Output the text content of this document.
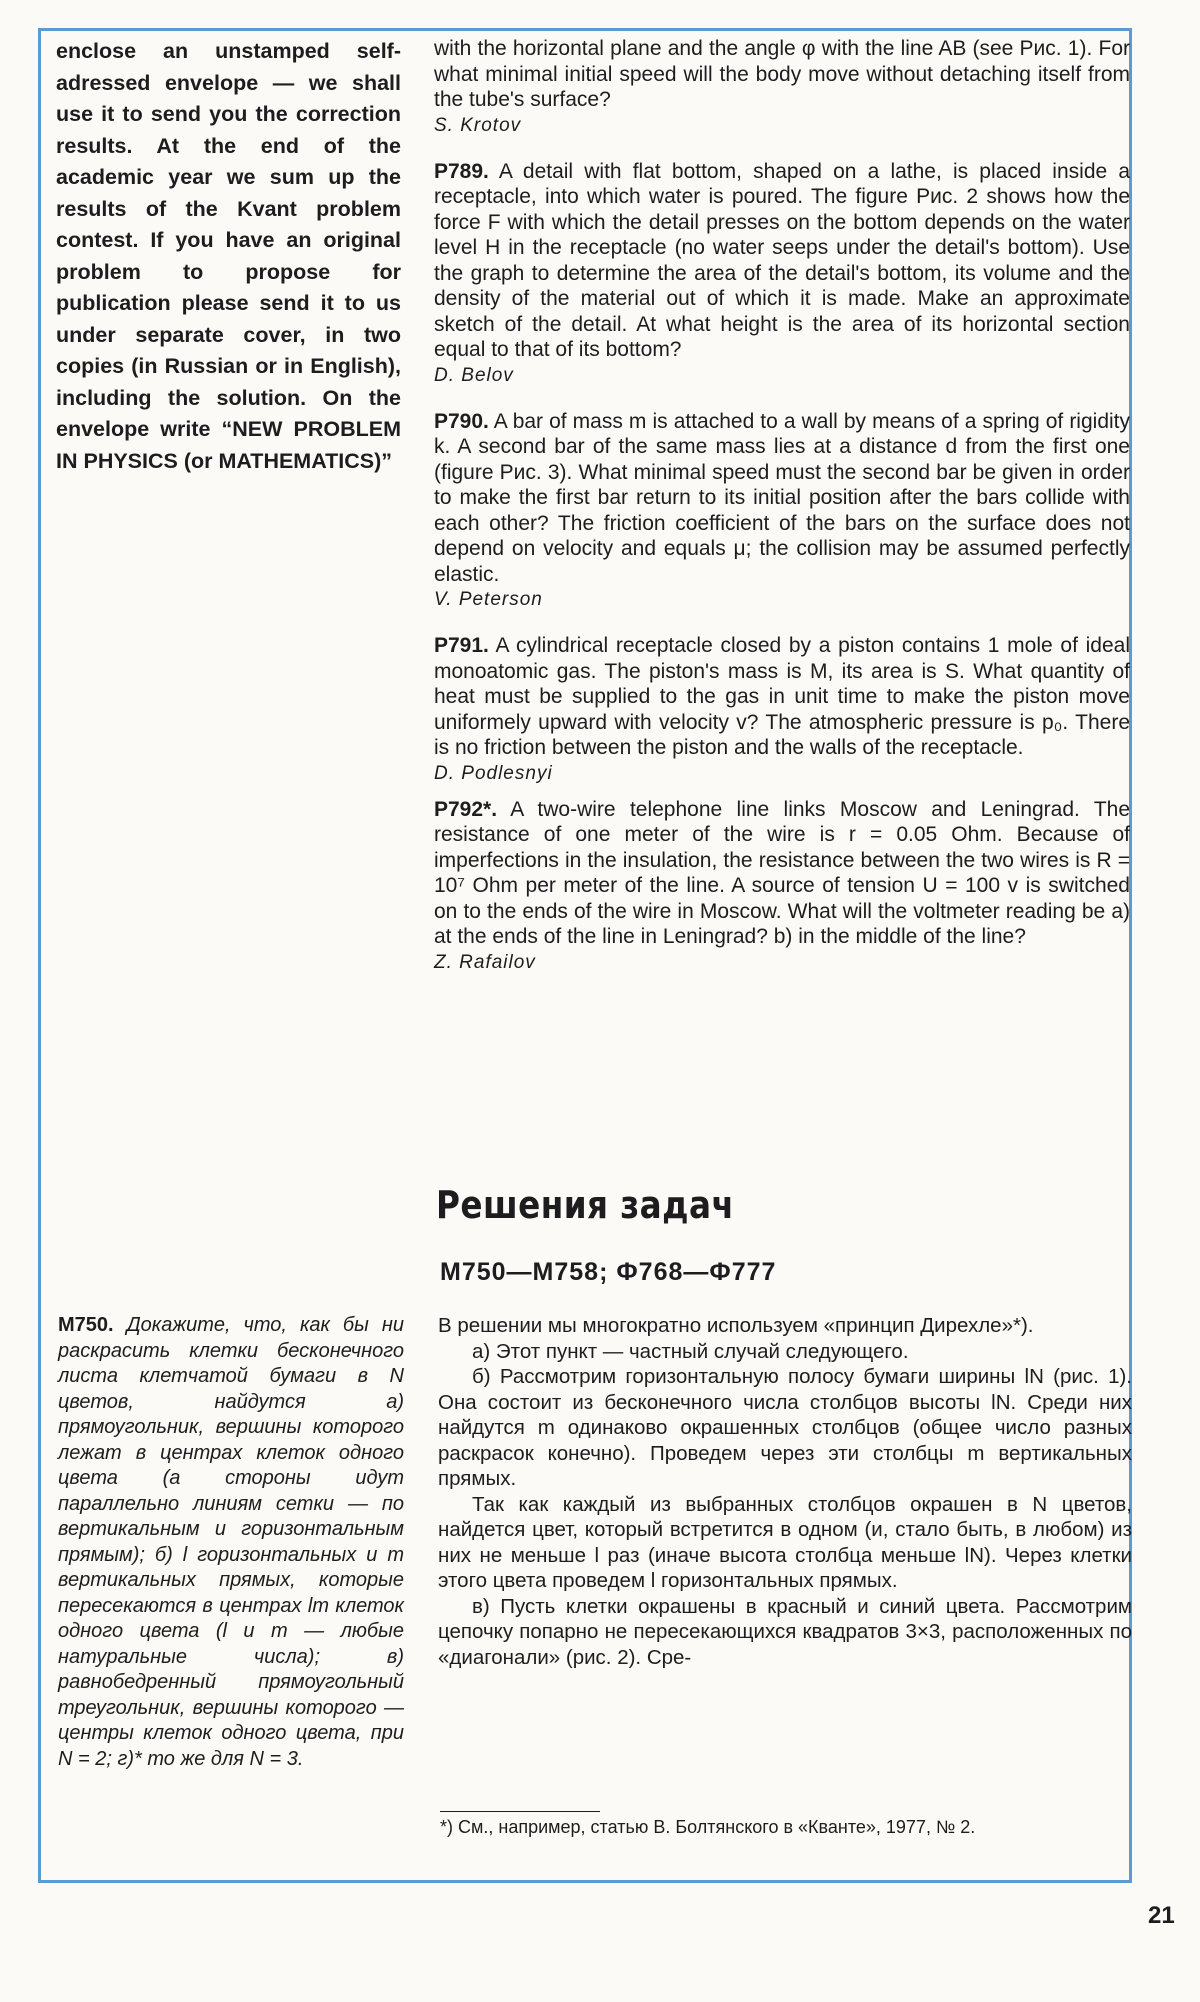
enclose an unstamped self-adressed envelope — we shall use it to send you the correction results. At the end of the academic year we sum up the results of the Kvant problem contest. If you have an original problem to propose for publication please send it to us under separate cover, in two copies (in Russian or in English), including the solution. On the envelope write “NEW PROBLEM IN PHYSICS (or MATHEMATICS)”

with the horizontal plane and the angle φ with the line AB (see Рис. 1). For what minimal initial speed will the body move without detaching itself from the tube's surface?

S. Krotov

P789. A detail with flat bottom, shaped on a lathe, is placed inside a receptacle, into which water is poured. The figure Рис. 2 shows how the force F with which the detail presses on the bottom depends on the water level H in the receptacle (no water seeps under the detail's bottom). Use the graph to determine the area of the detail's bottom, its volume and the density of the material out of which it is made. Make an approximate sketch of the detail. At what height is the area of its horizontal section equal to that of its bottom?

D. Belov

P790. A bar of mass m is attached to a wall by means of a spring of rigidity k. A second bar of the same mass lies at a distance d from the first one (figure Рис. 3). What minimal speed must the second bar be given in order to make the first bar return to its initial position after the bars collide with each other? The friction coefficient of the bars on the surface does not depend on velocity and equals μ; the collision may be assumed perfectly elastic.

V. Peterson

P791. A cylindrical receptacle closed by a piston contains 1 mole of ideal monoatomic gas. The piston's mass is M, its area is S. What quantity of heat must be supplied to the gas in unit time to make the piston move uniformely upward with velocity v? The atmospheric pressure is p₀. There is no friction between the piston and the walls of the receptacle.

D. Podlesnyi

P792*. A two-wire telephone line links Moscow and Leningrad. The resistance of one meter of the wire is r = 0.05 Ohm. Because of imperfections in the insulation, the resistance between the two wires is R = 10⁷ Ohm per meter of the line. A source of tension U = 100 v is switched on to the ends of the wire in Moscow. What will the voltmeter reading be a) at the ends of the line in Leningrad? b) in the middle of the line?

Z. Rafailov

Решения задач
M750—M758; Ф768—Ф777

M750. Докажите, что, как бы ни раскрасить клетки бесконечного листа клетчатой бумаги в N цветов, найдутся а) прямоугольник, вершины которого лежат в центрах клеток одного цвета (а стороны идут параллельно линиям сетки — по вертикальным и горизонтальным прямым); б) l горизонтальных и m вертикальных прямых, которые пересекаются в центрах lm клеток одного цвета (l и m — любые натуральные числа); в) равнобедренный прямоугольный треугольник, вершины которого — центры клеток одного цвета, при N = 2; г)* то же для N = 3.

В решении мы многократно используем «принцип Дирехле»*).

а) Этот пункт — частный случай следующего.

б) Рассмотрим горизонтальную полосу бумаги ширины lN (рис. 1). Она состоит из бесконечного числа столбцов высоты lN. Среди них найдутся m одинаково окрашенных столбцов (общее число разных раскрасок конечно). Проведем через эти столбцы m вертикальных прямых.

Так как каждый из выбранных столбцов окрашен в N цветов, найдется цвет, который встретится в одном (и, стало быть, в любом) из них не меньше l раз (иначе высота столбца меньше lN). Через клетки этого цвета проведем l горизонтальных прямых.

в) Пусть клетки окрашены в красный и синий цвета. Рассмотрим цепочку попарно не пересекающихся квадратов 3×3, расположенных по «диагонали» (рис. 2). Сре-

*) См., например, статью В. Болтянского в «Кванте», 1977, № 2.

21
